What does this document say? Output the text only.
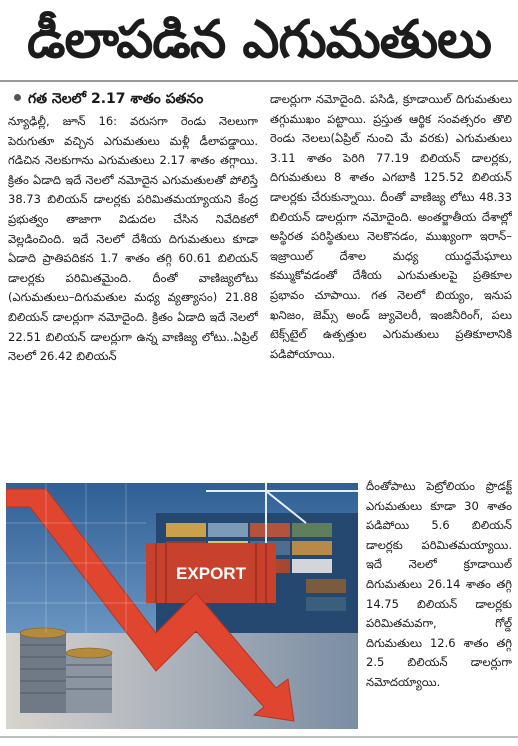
డీలాపడిన ఎగుమతులు
గత నెలలో 2.17 శాతం పతనం
న్యూఢిల్లీ, జూన్ 16: వరుసగా రెండు నెలలుగా పెరుగుతూ వచ్చిన ఎగుమతులు మళ్లీ డీలాపడ్డాయి. గడిచిన నెలకుగాను ఎగుమతులు 2.17 శాతం తగ్గాయి. క్రితం ఏడాది ఇదే నెలలో నమోదైన ఎగుమతులతో పోలిస్తే 38.73 బిలియన్ డాలర్లకు పరిమితమయ్యాయని కేంద్ర ప్రభుత్వం తాజాగా విడుదల చేసిన నివేదికలో వెల్లడించింది. ఇదే నెలలో దేశీయ దిగుమతులు కూడా ఏడాది ప్రాతిపదికన 1.7 శాతం తగ్గి 60.61 బిలియన్ డాలర్లకు పరిమితమైంది. దీంతో వాణిజ్యలోటు (ఎగుమతులు–దిగుమతుల మధ్య వ్యత్యాసం) 21.88 బిలియన్ డాలర్లుగా నమోదైంది. క్రితం ఏడాది ఇదే నెలలో 22.51 బిలియన్ డాలర్లుగా ఉన్న వాణిజ్య లోటు..ఏప్రిల్ నెలలో 26.42 బిలియన్
డాలర్లుగా నమోదైంది. పసిడి, క్రూడాయిల్ దిగుమతులు తగ్గుముఖం పట్టాయి. ప్రస్తుత ఆర్థిక సంవత్సరం తొలి రెండు నెలలు(ఏప్రిల్ నుంచి మే వరకు) ఎగుమతులు 3.11 శాతం పెరిగి 77.19 బిలియన్ డాలర్లకు, దిగుమతులు 8 శాతం ఎగబాకి 125.52 బిలియన్ డాలర్లకు చేరుకున్నాయి. దీంతో వాణిజ్య లోటు 48.33 బిలియన్ డాలర్లుగా నమోదైంది. అంతర్జాతీయ దేశాల్లో అస్థిరత పరిస్థితులు నెలకొనడం, ముఖ్యంగా ఇరాన్–ఇజ్రాయిల్ దేశాల మధ్య యుద్ధమేఘాలు కమ్ముకోవడంతో దేశీయ ఎగుమతులపై ప్రతికూల ప్రభావం చూపాయి. గత నెలలో బియ్యం, ఇనుప ఖనిజం, జెమ్స్ అండ్ జ్యువెలరీ, ఇంజినీరింగ్, పలు టెక్స్‌టైల్ ఉత్పత్తుల ఎగుమతులు ప్రతికూలానికి పడిపోయాయి.
దీంతోపాటు పెట్రోలియం ప్రొడక్ట్ ఎగుమతులు కూడా 30 శాతం పడిపోయి 5.6 బిలియన్ డాలర్లకు పరిమితమయ్యాయి. ఇదే నెలలో క్రూడాయిల్ దిగుమతులు 26.14 శాతం తగ్గి 14.75 బిలియన్ డాలర్లకు పరిమితమవగా, గోల్డ్ దిగుమతులు 12.6 శాతం తగ్గి 2.5 బిలియన్ డాలర్లుగా నమోదయ్యాయి.
EXPORT
